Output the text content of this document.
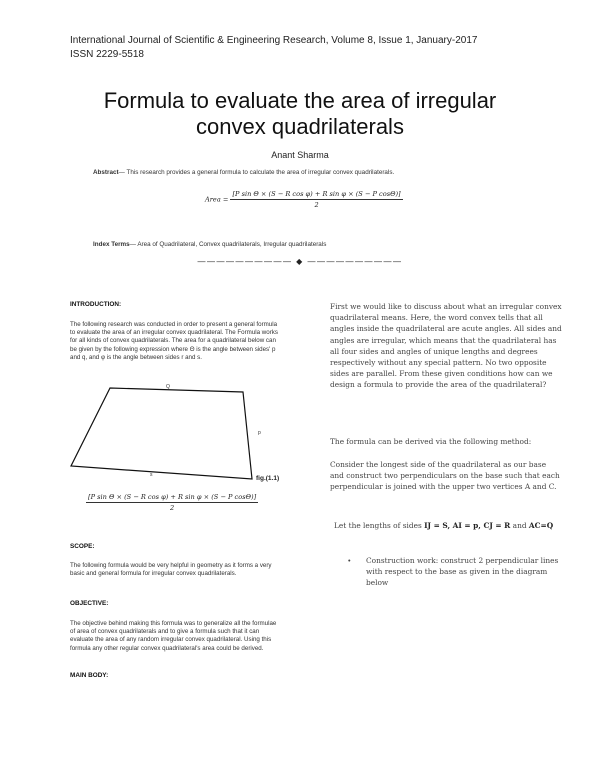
International Journal of Scientific & Engineering Research, Volume 8, Issue 1, January-2017
ISSN 2229-5518
Formula to evaluate the area of irregular
convex quadrilaterals
Anant Sharma
Abstract— This research provides a general formula to calculate the area of irregular convex quadrilaterals.
Area = $\frac{\text{[P sin Θ × (S − R cos φ) + R sin φ × (S − P cosΘ)]}}{2}$
Index Terms— Area of Quadrilateral, Convex quadrilaterals, Irregular quadrilaterals
—————————— ◆ ——————————
INTRODUCTION:
The following research was conducted in order to present a general formula to evaluate the area of an irregular convex quadrilateral. The Formula works for all kinds of convex quadrilaterals. The area for a quadrilateral below can be given by the following expression where Θ is the angle between sides' p and q, and φ is the angle between sides r and s.
Q
p
s	fig.(1.1)
$\frac{\text{[P sin Θ × (S − R cos φ) + R sin φ × (S − P cosΘ)]}}{2}$
SCOPE:
The following formula would be very helpful in geometry as it forms a very basic and general formula for irregular convex quadrilaterals.
OBJECTIVE:
The objective behind making this formula was to generalize all the formulae of area of convex quadrilaterals and to give a formula such that it can evaluate the area of any random irregular convex quadrilateral. Using this formula any other regular convex quadrilateral's area could be derived.
MAIN BODY:
First we would like to discuss about what an irregular convex quadrilateral means. Here, the word convex tells that all angles inside the quadrilateral are acute angles. All sides and angles are irregular, which means that the quadrilateral has all four sides and angles of unique lengths and degrees respectively without any special pattern. No two opposite sides are parallel. From these given conditions how can we design a formula to provide the area of the quadrilateral?
The formula can be derived via the following method:
Consider the longest side of the quadrilateral as our base and construct two perpendiculars on the base such that each perpendicular is joined with the upper two vertices A and C.
Let the lengths of sides IJ = S, AI = p, CJ = R and AC=Q
• Construction work: construct 2 perpendicular lines with respect to the base as given in the diagram below
